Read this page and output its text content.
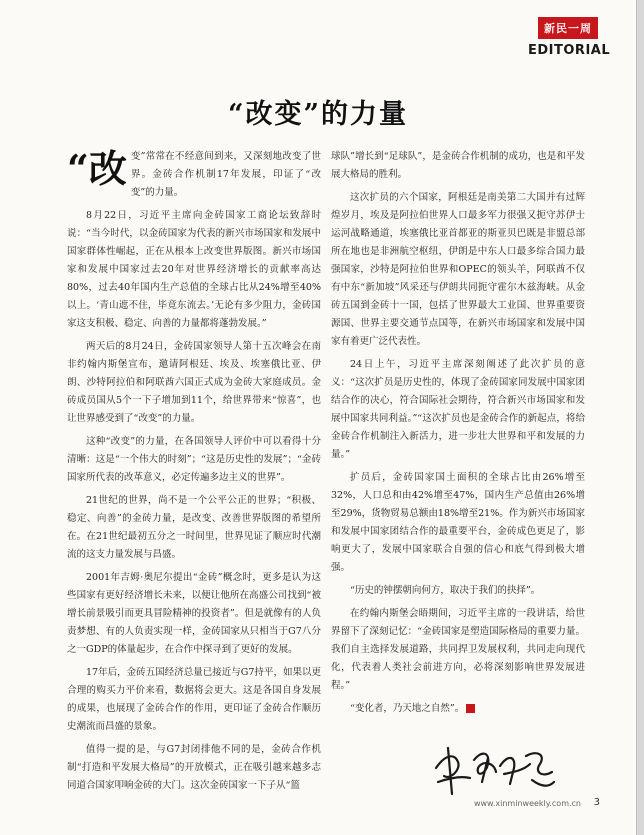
新民一周
EDITORIAL
“改变”的力量

“改变”常常在不经意间到来，又深刻地改变了世界。金砖合作机制17年发展，印证了“改变”的力量。

8月22日，习近平主席向金砖国家工商论坛致辞时说：“当今时代，以金砖国家为代表的新兴市场国家和发展中国家群体性崛起，正在从根本上改变世界版图。新兴市场国家和发展中国家过去20年对世界经济增长的贡献率高达80%，过去40年国内生产总值的全球占比从24%增至40%以上。‘青山遮不住，毕竟东流去。’无论有多少阻力，金砖国家这支积极、稳定、向善的力量都将蓬勃发展。”

两天后的8月24日，金砖国家领导人第十五次峰会在南非约翰内斯堡宣布，邀请阿根廷、埃及、埃塞俄比亚、伊朗、沙特阿拉伯和阿联酋六国正式成为金砖大家庭成员。金砖成员国从5个一下子增加到11个，给世界带来“惊喜”，也让世界感受到了“改变”的力量。

这种“改变”的力量，在各国领导人评价中可以看得十分清晰：这是“一个伟大的时刻”；“这是历史性的发展”；“金砖国家所代表的改革意义，必定传遍多边主义的世界”。

21世纪的世界，尚不是一个公平公正的世界；“积极、稳定、向善”的金砖力量，是改变、改善世界版图的希望所在。在21世纪最初五分之一时间里，世界见证了顺应时代潮流的这支力量发展与昌盛。

2001年吉姆·奥尼尔提出“金砖”概念时，更多是认为这些国家有更好经济增长未来，以便让他所在高盛公司找到“被增长前景吸引而更具冒险精神的投资者”。但是就像有的人负责梦想、有的人负责实现一样，金砖国家从只相当于G7八分之一GDP的体量起步，在合作中探寻到了更好的发展。

17年后，金砖五国经济总量已接近与G7持平，如果以更合理的购买力平价来看，数据将会更大。这是各国自身发展的成果，也展现了金砖合作的作用，更印证了金砖合作顺历史潮流而昌盛的景象。

值得一提的是，与G7封闭排他不同的是，金砖合作机制“打造和平发展大格局”的开放模式，正在吸引越来越多志同道合国家叩响金砖的大门。这次金砖国家一下子从“篮

球队”增长到“足球队”，是金砖合作机制的成功，也是和平发展大格局的胜利。

这次扩员的六个国家，阿根廷是南美第二大国并有过辉煌岁月，埃及是阿拉伯世界人口最多军力很强又扼守苏伊士运河战略通道，埃塞俄比亚首都亚的斯亚贝巴既是非盟总部所在地也是非洲航空枢纽，伊朗是中东人口最多综合国力最强国家，沙特是阿拉伯世界和OPEC的领头羊，阿联酋不仅有中东“新加坡”风采还与伊朗共同扼守霍尔木兹海峡。从金砖五国到金砖十一国，包括了世界最大工业国、世界重要资源国、世界主要交通节点国等，在新兴市场国家和发展中国家有着更广泛代表性。

24日上午，习近平主席深刻阐述了此次扩员的意义：“这次扩员是历史性的，体现了金砖国家同发展中国家团结合作的决心，符合国际社会期待，符合新兴市场国家和发展中国家共同利益。”“这次扩员也是金砖合作的新起点，将给金砖合作机制注入新活力，进一步壮大世界和平和发展的力量。”

扩员后，金砖国家国土面积的全球占比由26%增至32%，人口总和由42%增至47%，国内生产总值由26%增至29%，货物贸易总额由18%增至21%。作为新兴市场国家和发展中国家团结合作的最重要平台，金砖成色更足了，影响更大了，发展中国家联合自强的信心和底气得到极大增强。

“历史的钟摆朝向何方，取决于我们的抉择”。

在约翰内斯堡会晤期间，习近平主席的一段讲话，给世界留下了深刻记忆：“金砖国家是塑造国际格局的重要力量。我们自主选择发展道路，共同捍卫发展权利，共同走向现代化，代表着人类社会前进方向，必将深刻影响世界发展进程。”

“变化者，乃天地之自然”。

www.xinminweekly.com.cn 3
